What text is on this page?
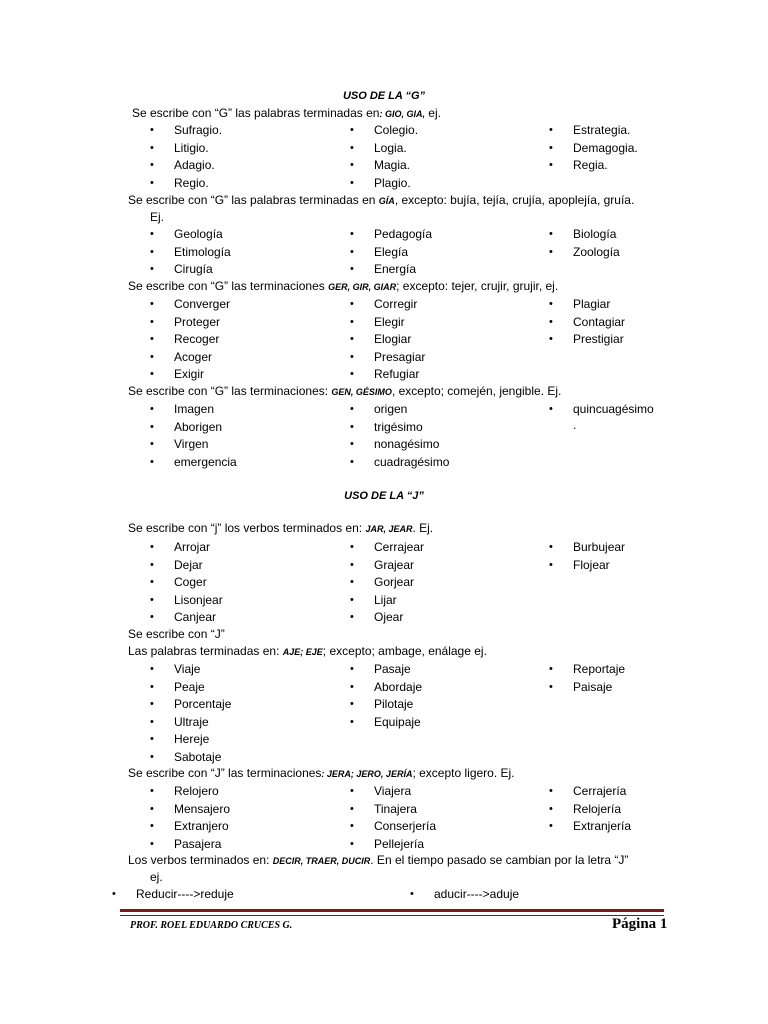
USO DE LA “G”
Se escribe con “G” las palabras terminadas en: GIO, GIA, ej.
•	Sufragio.
•	Litigio.
•	Adagio.
•	Regio.
•	Colegio.
•	Logia.
•	Magia.
•	Plagio.
•	Estrategia.
•	Demagogia.
•	Regia.
Se escribe con “G” las palabras terminadas en GÍA, excepto: bujía, tejía, crujía, apoplejía, gruía.
Ej.
•	Geología
•	Etimología
•	Cirugía
•	Pedagogía
•	Elegía
•	Energía
•	Biología
•	Zoología
Se escribe con “G” las terminaciones GER, GIR, GIAR; excepto: tejer, crujir, grujir, ej.
•	Converger
•	Proteger
•	Recoger
•	Acoger
•	Exigir
•	Corregir
•	Elegir
•	Elogiar
•	Presagiar
•	Refugiar
•	Plagiar
•	Contagiar
•	Prestigiar
Se escribe con “G” las terminaciones: GEN, GÉSIMO, excepto; comején, jengible. Ej.
•	Imagen
•	Aborigen
•	Virgen
•	emergencia
•	origen
•	trigésimo
•	nonagésimo
•	cuadragésimo
•	quincuagésimo
.
USO DE LA “J”
Se escribe con “j” los verbos terminados en: JAR, JEAR. Ej.
•	Arrojar
•	Dejar
•	Coger
•	Lisonjear
•	Canjear
•	Cerrajear
•	Grajear
•	Gorjear
•	Lijar
•	Ojear
•	Burbujear
•	Flojear
Se escribe con “J”
Las palabras terminadas en: AJE; EJE; excepto; ambage, enálage ej.
•	Viaje
•	Peaje
•	Porcentaje
•	Ultraje
•	Hereje
•	Sabotaje
•	Pasaje
•	Abordaje
•	Pilotaje
•	Equipaje
•	Reportaje
•	Paisaje
Se escribe con “J” las terminaciones: JERA; JERO, JERÍA; excepto ligero. Ej.
•	Relojero
•	Mensajero
•	Extranjero
•	Pasajera
•	Viajera
•	Tinajera
•	Conserjería
•	Pellejería
•	Cerrajería
•	Relojería
•	Extranjería
Los verbos terminados en: DECIR, TRAER, DUCIR. En el tiempo pasado se cambian por la letra “J”
ej.
•	Reducir---->reduje	•	aducir---->aduje
PROF. ROEL EDUARDO CRUCES G.	Página 1
